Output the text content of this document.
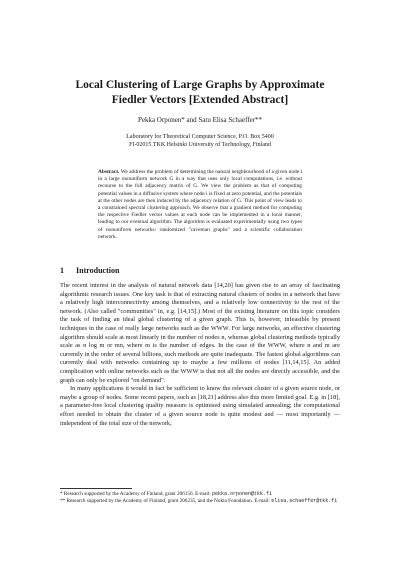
Local Clustering of Large Graphs by Approximate Fiedler Vectors [Extended Abstract]
Pekka Orponen* and Satu Elisa Schaeffer**
Laboratory for Theoretical Computer Science, P.O. Box 5400
FI-02015 TKK Helsinki University of Technology, Finland
Abstract. We address the problem of determining the natural neighbourhood of a given node i in a large nonuniform network G in a way that uses only local computations, i.e. without recourse to the full adjacency matrix of G. We view the problem as that of computing potential values in a diffusive system where node i is fixed at zero potential, and the potentials at the other nodes are then induced by the adjacency relation of G. This point of view leads to a constrained spectral clustering approach. We observe that a gradient method for computing the respective Fiedler vector values at each node can be implemented in a local manner, leading to our eventual algorithm. The algorithm is evaluated experimentally using two types of nonuniform networks: randomized "caveman graphs" and a scientific collaboration network.
1 Introduction

The recent interest in the analysis of natural network data [14,20] has given rise to an array of fascinating algorithmic research issues. One key task is that of extracting natural clusters of nodes in a network that have a relatively high interconnectivity among themselves, and a relatively low connectivity to the rest of the network. (Also called "communities" in, e.g. [14,15].) Most of the existing literature on this topic considers the task of finding an ideal global clustering of a given graph. This is, however, infeasible by present techniques in the case of really large networks such as the WWW. For large networks, an effective clustering algorithm should scale at most linearly in the number of nodes n, whereas global clustering methods typically scale as n log m or mn, where m is the number of edges. In the case of the WWW, where n and m are currently in the order of several billions, such methods are quite inadequate. The fastest global algorithms can currently deal with networks containing up to maybe a few millions of nodes [11,14,15]. An added complication with online networks such as the WWW is that not all the nodes are directly accessible, and the graph can only be explored "on demand".

In many applications it would in fact be sufficient to know the relevant cluster of a given source node, or maybe a group of nodes. Some recent papers, such as [18,21] address also this more limited goal. E.g. in [18], a parameter-free local clustering quality measure is optimised using simulated annealing; the computational effort needed to obtain the cluster of a given source node is quite modest and — most importantly — independent of the total size of the network,

* Research supported by the Academy of Finland, grant 206156. E-mail: pekka.orponen@tkk.fi

** Research supported by the Academy of Finland, grant 206235, and the Nokia Foundation. E-mail: elisa.schaeffer@tkk.fi
